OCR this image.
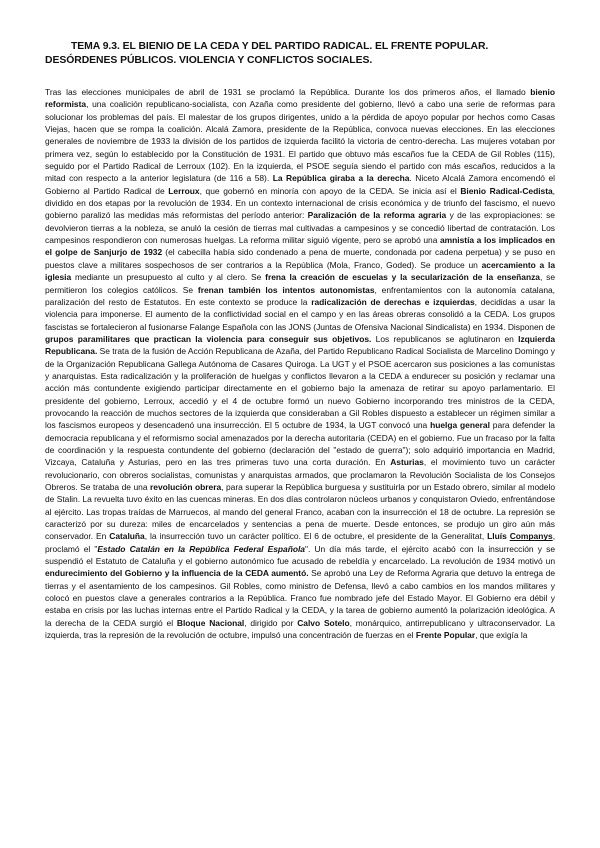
TEMA 9.3. EL BIENIO DE LA CEDA Y DEL PARTIDO RADICAL. EL FRENTE POPULAR. DESÓRDENES PÚBLICOS. VIOLENCIA Y CONFLICTOS SOCIALES.

Tras las elecciones municipales de abril de 1931 se proclamó la República. Durante los dos primeros años, el llamado bienio reformista, una coalición republicano-socialista, con Azaña como presidente del gobierno, llevó a cabo una serie de reformas para solucionar los problemas del país. El malestar de los grupos dirigentes, unido a la pérdida de apoyo popular por hechos como Casas Viejas, hacen que se rompa la coalición. Alcalá Zamora, presidente de la República, convoca nuevas elecciones. En las elecciones generales de noviembre de 1933 la división de los partidos de izquierda facilitó la victoria de centro-derecha. Las mujeres votaban por primera vez, según lo establecido por la Constitución de 1931. El partido que obtuvo más escaños fue la CEDA de Gil Robles (115), seguido por el Partido Radical de Lerroux (102). En la izquierda, el PSOE seguía siendo el partido con más escaños, reducidos a la mitad con respecto a la anterior legislatura (de 116 a 58). La República giraba a la derecha. Niceto Alcalá Zamora encomendó el Gobierno al Partido Radical de Lerroux, que gobernó en minoría con apoyo de la CEDA. Se inicia así el Bienio Radical-Cedista, dividido en dos etapas por la revolución de 1934. En un contexto internacional de crisis económica y de triunfo del fascismo, el nuevo gobierno paralizó las medidas más reformistas del período anterior: Paralización de la reforma agraria y de las expropiaciones: se devolvieron tierras a la nobleza, se anuló la cesión de tierras mal cultivadas a campesinos y se concedió libertad de contratación. Los campesinos respondieron con numerosas huelgas. La reforma militar siguió vigente, pero se aprobó una amnistía a los implicados en el golpe de Sanjurjo de 1932 (el cabecilla había sido condenado a pena de muerte, condonada por cadena perpetua) y se puso en puestos clave a militares sospechosos de ser contrarios a la República (Mola, Franco, Goded). Se produce un acercamiento a la iglesia mediante un presupuesto al culto y al clero. Se frena la creación de escuelas y la secularización de la enseñanza, se permitieron los colegios católicos. Se frenan también los intentos autonomistas, enfrentamientos con la autonomía catalana, paralización del resto de Estatutos. En este contexto se produce la radicalización de derechas e izquierdas, decididas a usar la violencia para imponerse. El aumento de la conflictividad social en el campo y en las áreas obreras consolidó a la CEDA. Los grupos fascistas se fortalecieron al fusionarse Falange Española con las JONS (Juntas de Ofensiva Nacional Sindicalista) en 1934. Disponen de grupos paramilitares que practican la violencia para conseguir sus objetivos. Los republicanos se aglutinaron en Izquierda Republicana. Se trata de la fusión de Acción Republicana de Azaña, del Partido Republicano Radical Socialista de Marcelino Domingo y de la Organización Republicana Gallega Autónoma de Casares Quiroga. La UGT y el PSOE acercaron sus posiciones a las comunistas y anarquistas. Esta radicalización y la proliferación de huelgas y conflictos llevaron a la CEDA a endurecer su posición y reclamar una acción más contundente exigiendo participar directamente en el gobierno bajo la amenaza de retirar su apoyo parlamentario. El presidente del gobierno, Lerroux, accedió y el 4 de octubre formó un nuevo Gobierno incorporando tres ministros de la CEDA, provocando la reacción de muchos sectores de la izquierda que consideraban a Gil Robles dispuesto a establecer un régimen similar a los fascismos europeos y desencadenó una insurrección. El 5 octubre de 1934, la UGT convocó una huelga general para defender la democracia republicana y el reformismo social amenazados por la derecha autoritaria (CEDA) en el gobierno. Fue un fracaso por la falta de coordinación y la respuesta contundente del gobierno (declaración del "estado de guerra"); solo adquirió importancia en Madrid, Vizcaya, Cataluña y Asturias, pero en las tres primeras tuvo una corta duración. En Asturias, el movimiento tuvo un carácter revolucionario, con obreros socialistas, comunistas y anarquistas armados, que proclamaron la Revolución Socialista de los Consejos Obreros. Se trataba de una revolución obrera, para superar la República burguesa y sustituirla por un Estado obrero, similar al modelo de Stalin. La revuelta tuvo éxito en las cuencas mineras. En dos días controlaron núcleos urbanos y conquistaron Oviedo, enfrentándose al ejército. Las tropas traídas de Marruecos, al mando del general Franco, acaban con la insurrección el 18 de octubre. La represión se caracterizó por su dureza: miles de encarcelados y sentencias a pena de muerte. Desde entonces, se produjo un giro aún más conservador. En Cataluña, la insurrección tuvo un carácter político. El 6 de octubre, el presidente de la Generalitat, Lluís Companys, proclamó el "Estado Catalán en la República Federal Española". Un día más tarde, el ejército acabó con la insurrección y se suspendió el Estatuto de Cataluña y el gobierno autonómico fue acusado de rebeldía y encarcelado. La revolución de 1934 motivó un endurecimiento del Gobierno y la influencia de la CEDA aumentó. Se aprobó una Ley de Reforma Agraria que detuvo la entrega de tierras y el asentamiento de los campesinos. Gil Robles, como ministro de Defensa, llevó a cabo cambios en los mandos militares y colocó en puestos clave a generales contrarios a la República. Franco fue nombrado jefe del Estado Mayor. El Gobierno era débil y estaba en crisis por las luchas internas entre el Partido Radical y la CEDA, y la tarea de gobierno aumentó la polarización ideológica. A la derecha de la CEDA surgió el Bloque Nacional, dirigido por Calvo Sotelo, monárquico, antirrepublicano y ultraconservador. La izquierda, tras la represión de la revolución de octubre, impulsó una concentración de fuerzas en el Frente Popular, que exigía la
